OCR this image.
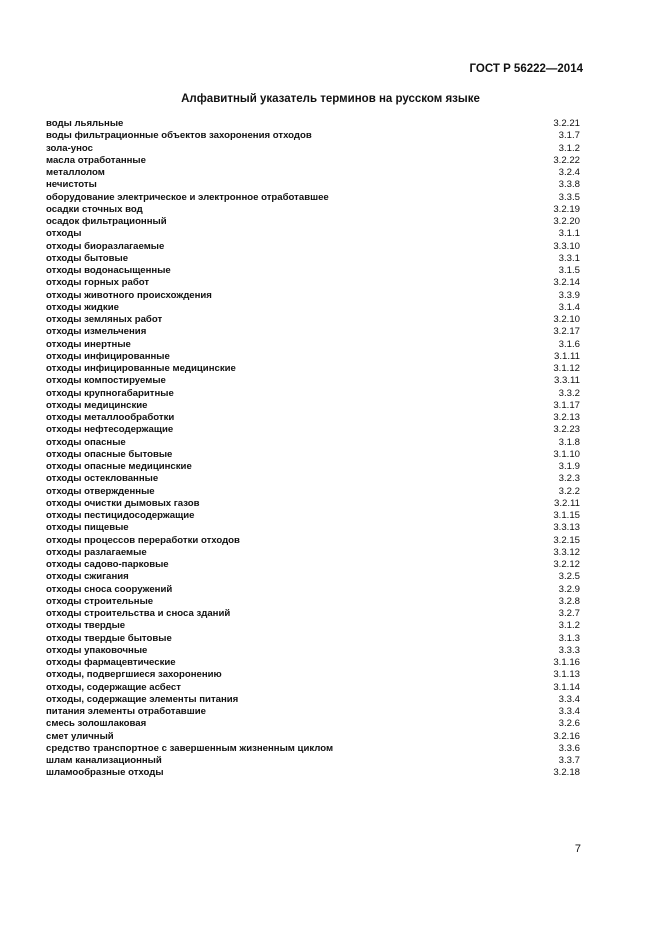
ГОСТ Р 56222—2014
Алфавитный указатель терминов на русском языке
воды льяльные	3.2.21
воды фильтрационные объектов захоронения отходов	3.1.7
зола-унос	3.1.2
масла отработанные	3.2.22
металлолом	3.2.4
нечистоты	3.3.8
оборудование электрическое и электронное отработавшее	3.3.5
осадки сточных вод	3.2.19
осадок фильтрационный	3.2.20
отходы	3.1.1
отходы биоразлагаемые	3.3.10
отходы бытовые	3.3.1
отходы водонасыщенные	3.1.5
отходы горных работ	3.2.14
отходы животного происхождения	3.3.9
отходы жидкие	3.1.4
отходы земляных работ	3.2.10
отходы измельчения	3.2.17
отходы инертные	3.1.6
отходы инфицированные	3.1.11
отходы инфицированные медицинские	3.1.12
отходы компостируемые	3.3.11
отходы крупногабаритные	3.3.2
отходы медицинские	3.1.17
отходы металлообработки	3.2.13
отходы нефтесодержащие	3.2.23
отходы опасные	3.1.8
отходы опасные бытовые	3.1.10
отходы опасные медицинские	3.1.9
отходы остеклованные	3.2.3
отходы отвержденные	3.2.2
отходы очистки дымовых газов	3.2.11
отходы пестицидосодержащие	3.1.15
отходы пищевые	3.3.13
отходы процессов переработки отходов	3.2.15
отходы разлагаемые	3.3.12
отходы садово-парковые	3.2.12
отходы сжигания	3.2.5
отходы сноса сооружений	3.2.9
отходы строительные	3.2.8
отходы строительства и сноса зданий	3.2.7
отходы твердые	3.1.2
отходы твердые бытовые	3.1.3
отходы упаковочные	3.3.3
отходы фармацевтические	3.1.16
отходы, подвергшиеся захоронению	3.1.13
отходы, содержащие асбест	3.1.14
отходы, содержащие элементы питания	3.3.4
питания элементы отработавшие	3.3.4
смесь золошлаковая	3.2.6
смет уличный	3.2.16
средство транспортное с завершенным жизненным циклом	3.3.6
шлам канализационный	3.3.7
шламообразные отходы	3.2.18
7
